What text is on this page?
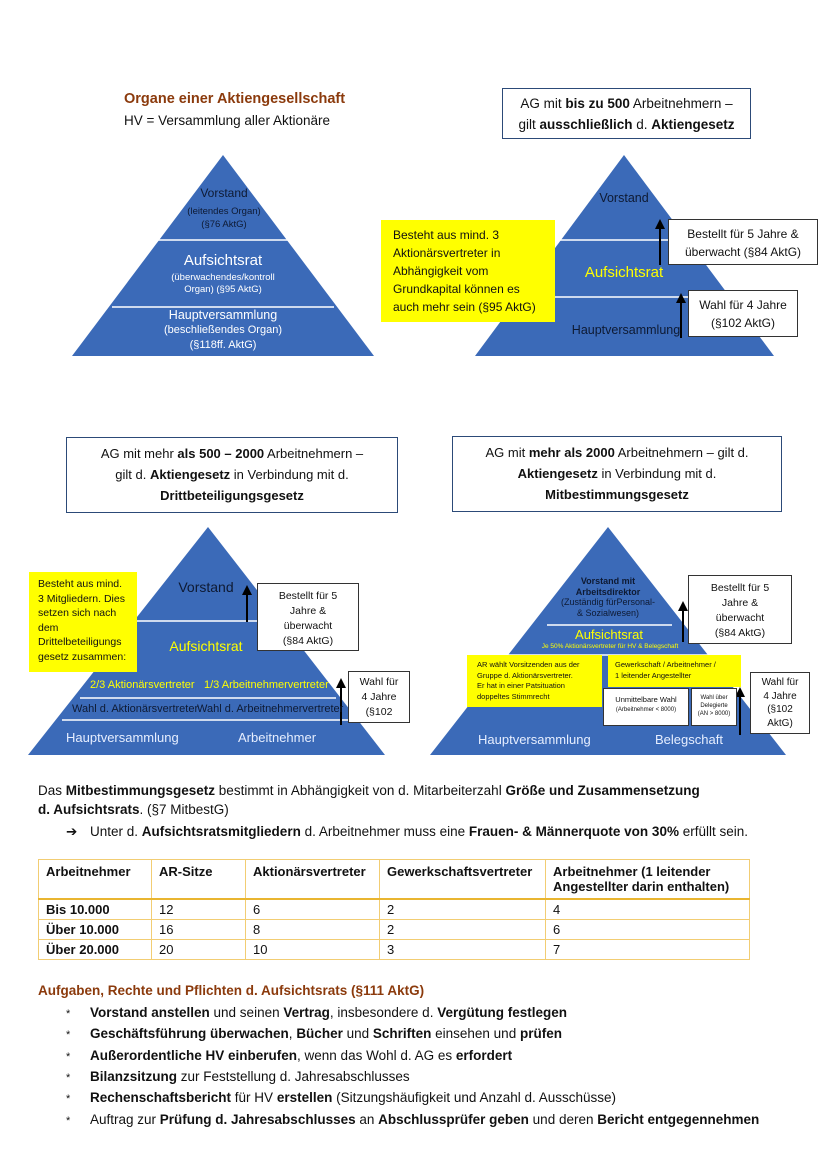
Organe einer Aktiengesellschaft
HV = Versammlung aller Aktionäre
Vorstand
(leitendes Organ)
(§76 AktG)
Aufsichtsrat
(überwachendes/kontroll
Organ) (§95 AktG)
Hauptversammlung
(beschließendes Organ)
(§118ff. AktG)
AG mit bis zu 500 Arbeitnehmern –
gilt ausschließlich d. Aktiengesetz
Vorstand
Aufsichtsrat
Hauptversammlung
Besteht aus mind. 3
Aktionärsvertreter in
Abhängigkeit vom
Grundkapital können es
auch mehr sein (§95 AktG)
Bestellt für 5 Jahre &
überwacht (§84 AktG)
Wahl für 4 Jahre
(§102 AktG)
AG mit mehr als 500 – 2000 Arbeitnehmern –
gilt d. Aktiengesetz in Verbindung mit d.
Drittbeteiligungsgesetz
Vorstand
Aufsichtsrat
2/3 Aktionärsvertreter 1/3 Arbeitnehmervertreter
Wahl d. Aktionärsvertreter
Wahl d. Arbeitnehmervertreter
Hauptversammlung	Arbeitnehmer
Besteht aus mind.
3 Mitgliedern. Dies
setzen sich nach
dem
Drittelbeteiligungs
gesetz zusammen:
Bestellt für 5
Jahre &
überwacht
(§84 AktG)
Wahl für
4 Jahre
(§102
AG mit mehr als 2000 Arbeitnehmern – gilt d.
Aktiengesetz in Verbindung mit d.
Mitbestimmungsgesetz
Vorstand mit
Arbeitsdirektor
(Zuständig fürPersonal-
& Sozialwesen)
Aufsichtsrat
Je 50% Aktionärsvertreter für HV & Belegschaft
AR wählt Vorsitzenden aus der
Gruppe d. Aktionärsvertreter.
Er hat in einer Patsituation
doppeltes Stimmrecht
Gewerkschaft / Arbeitnehmer /
1 leitender Angestellter
Unmittelbare Wahl
(Arbeitnehmer < 8000)
Wahl über
Delegierte
(AN > 8000)
Hauptversammlung	Belegschaft
Bestellt für 5
Jahre &
überwacht
(§84 AktG)
Wahl für
4 Jahre
(§102
AktG)
Das Mitbestimmungsgesetz bestimmt in Abhängigkeit von d. Mitarbeiterzahl Größe und Zusammensetzung
d. Aufsichtsrats. (§7 MitbestG)
➔ Unter d. Aufsichtsratsmitgliedern d. Arbeitnehmer muss eine Frauen- & Männerquote von 30% erfüllt sein.
Arbeitnehmer	AR-Sitze	Aktionärsvertreter	Gewerkschaftsvertreter	Arbeitnehmer (1 leitender Angestellter darin enthalten)
Bis 10.000	12	6	2	4
Über 10.000	16	8	2	6
Über 20.000	20	10	3	7
Aufgaben, Rechte und Pflichten d. Aufsichtsrats (§111 AktG)
* Vorstand anstellen und seinen Vertrag, insbesondere d. Vergütung festlegen
* Geschäftsführung überwachen, Bücher und Schriften einsehen und prüfen
* Außerordentliche HV einberufen, wenn das Wohl d. AG es erfordert
* Bilanzsitzung zur Feststellung d. Jahresabschlusses
* Rechenschaftsbericht für HV erstellen (Sitzungshäufigkeit und Anzahl d. Ausschüsse)
* Auftrag zur Prüfung d. Jahresabschlusses an Abschlussprüfer geben und deren Bericht entgegennehmen
